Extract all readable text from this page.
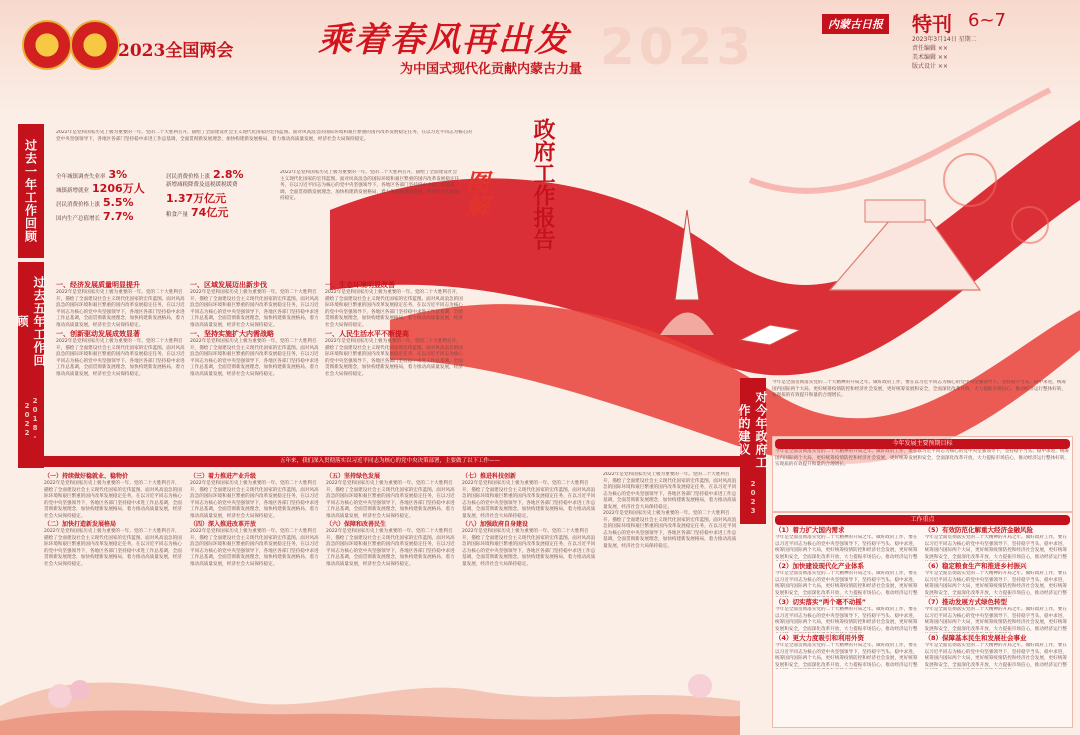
★	✿ 2023全国两会	2023
乘着春风再出发
为中国式现代化贡献内蒙古力量
内蒙古日报	特刊 6~7
2023年3月14日 星期二
责任编辑 ××
美术编辑 ××
版式设计 ××
政府工作报告
图解
过去一年工作回顾
过去五年工作回顾
2018-2022
2022年是党和国家历史上极为重要的一年。党的二十大胜利召开，描绘了全面建设社会主义现代化国家的宏伟蓝图。面对风高浪急的国际环境和艰巨繁重的国内改革发展稳定任务，在以习近平同志为核心的党中央坚强领导下，各地区各部门坚持稳中求进工作总基调，全面贯彻新发展理念，加快构建新发展格局，着力推动高质量发展，经济社会大局保持稳定。
全年城镇调查失业率 3%
城镇新增就业 1206万人
居民消费价格上涨 5.5%
国内生产总值增长 7.7%
居民消费价格上涨 2.8%
新增减税降费及退税缓税缓费
1.37万亿元
粮食产量 74亿元
2022年是党和国家历史上极为重要的一年。党的二十大胜利召开，描绘了全面建设社会主义现代化国家的宏伟蓝图。面对风高浪急的国际环境和艰巨繁重的国内改革发展稳定任务，在以习近平同志为核心的党中央坚强领导下，各地区各部门坚持稳中求进工作总基调，全面贯彻新发展理念，加快构建新发展格局，着力推动高质量发展，经济社会大局保持稳定。
一、经济发展质量明显提升
2022年是党和国家历史上极为重要的一年。党的二十大胜利召开，描绘了全面建设社会主义现代化国家的宏伟蓝图。面对风高浪急的国际环境和艰巨繁重的国内改革发展稳定任务，在以习近平同志为核心的党中央坚强领导下，各地区各部门坚持稳中求进工作总基调，全面贯彻新发展理念，加快构建新发展格局，着力推动高质量发展，经济社会大局保持稳定。
一、创新驱动发展成效显著
2022年是党和国家历史上极为重要的一年。党的二十大胜利召开，描绘了全面建设社会主义现代化国家的宏伟蓝图。面对风高浪急的国际环境和艰巨繁重的国内改革发展稳定任务，在以习近平同志为核心的党中央坚强领导下，各地区各部门坚持稳中求进工作总基调，全面贯彻新发展理念，加快构建新发展格局，着力推动高质量发展，经济社会大局保持稳定。
一、区域发展迈出新步伐
2022年是党和国家历史上极为重要的一年。党的二十大胜利召开，描绘了全面建设社会主义现代化国家的宏伟蓝图。面对风高浪急的国际环境和艰巨繁重的国内改革发展稳定任务，在以习近平同志为核心的党中央坚强领导下，各地区各部门坚持稳中求进工作总基调，全面贯彻新发展理念，加快构建新发展格局，着力推动高质量发展，经济社会大局保持稳定。
一、坚持实施扩大内需战略
2022年是党和国家历史上极为重要的一年。党的二十大胜利召开，描绘了全面建设社会主义现代化国家的宏伟蓝图。面对风高浪急的国际环境和艰巨繁重的国内改革发展稳定任务，在以习近平同志为核心的党中央坚强领导下，各地区各部门坚持稳中求进工作总基调，全面贯彻新发展理念，加快构建新发展格局，着力推动高质量发展，经济社会大局保持稳定。
一、生态环境明显改善
2022年是党和国家历史上极为重要的一年。党的二十大胜利召开，描绘了全面建设社会主义现代化国家的宏伟蓝图。面对风高浪急的国际环境和艰巨繁重的国内改革发展稳定任务，在以习近平同志为核心的党中央坚强领导下，各地区各部门坚持稳中求进工作总基调，全面贯彻新发展理念，加快构建新发展格局，着力推动高质量发展，经济社会大局保持稳定。
一、人民生活水平不断提高
2022年是党和国家历史上极为重要的一年。党的二十大胜利召开，描绘了全面建设社会主义现代化国家的宏伟蓝图。面对风高浪急的国际环境和艰巨繁重的国内改革发展稳定任务，在以习近平同志为核心的党中央坚强领导下，各地区各部门坚持稳中求进工作总基调，全面贯彻新发展理念，加快构建新发展格局，着力推动高质量发展，经济社会大局保持稳定。
五年来，我们深入贯彻落实以习近平同志为核心的党中央决策部署，主要做了以下工作——
（一）持续做好稳就业、稳物价
2022年是党和国家历史上极为重要的一年。党的二十大胜利召开，描绘了全面建设社会主义现代化国家的宏伟蓝图。面对风高浪急的国际环境和艰巨繁重的国内改革发展稳定任务，在以习近平同志为核心的党中央坚强领导下，各地区各部门坚持稳中求进工作总基调，全面贯彻新发展理念，加快构建新发展格局，着力推动高质量发展，经济社会大局保持稳定。
（二）加快打造新发展格局
2022年是党和国家历史上极为重要的一年。党的二十大胜利召开，描绘了全面建设社会主义现代化国家的宏伟蓝图。面对风高浪急的国际环境和艰巨繁重的国内改革发展稳定任务，在以习近平同志为核心的党中央坚强领导下，各地区各部门坚持稳中求进工作总基调，全面贯彻新发展理念，加快构建新发展格局，着力推动高质量发展，经济社会大局保持稳定。
（三）着力推进产业升级
2022年是党和国家历史上极为重要的一年。党的二十大胜利召开，描绘了全面建设社会主义现代化国家的宏伟蓝图。面对风高浪急的国际环境和艰巨繁重的国内改革发展稳定任务，在以习近平同志为核心的党中央坚强领导下，各地区各部门坚持稳中求进工作总基调，全面贯彻新发展理念，加快构建新发展格局，着力推动高质量发展，经济社会大局保持稳定。
（四）深入推进改革开放
2022年是党和国家历史上极为重要的一年。党的二十大胜利召开，描绘了全面建设社会主义现代化国家的宏伟蓝图。面对风高浪急的国际环境和艰巨繁重的国内改革发展稳定任务，在以习近平同志为核心的党中央坚强领导下，各地区各部门坚持稳中求进工作总基调，全面贯彻新发展理念，加快构建新发展格局，着力推动高质量发展，经济社会大局保持稳定。
（五）坚持绿色发展
2022年是党和国家历史上极为重要的一年。党的二十大胜利召开，描绘了全面建设社会主义现代化国家的宏伟蓝图。面对风高浪急的国际环境和艰巨繁重的国内改革发展稳定任务，在以习近平同志为核心的党中央坚强领导下，各地区各部门坚持稳中求进工作总基调，全面贯彻新发展理念，加快构建新发展格局，着力推动高质量发展，经济社会大局保持稳定。
（六）保障和改善民生
2022年是党和国家历史上极为重要的一年。党的二十大胜利召开，描绘了全面建设社会主义现代化国家的宏伟蓝图。面对风高浪急的国际环境和艰巨繁重的国内改革发展稳定任务，在以习近平同志为核心的党中央坚强领导下，各地区各部门坚持稳中求进工作总基调，全面贯彻新发展理念，加快构建新发展格局，着力推动高质量发展，经济社会大局保持稳定。
（七）推进科技创新
2022年是党和国家历史上极为重要的一年。党的二十大胜利召开，描绘了全面建设社会主义现代化国家的宏伟蓝图。面对风高浪急的国际环境和艰巨繁重的国内改革发展稳定任务，在以习近平同志为核心的党中央坚强领导下，各地区各部门坚持稳中求进工作总基调，全面贯彻新发展理念，加快构建新发展格局，着力推动高质量发展，经济社会大局保持稳定。
（八）加强政府自身建设
2022年是党和国家历史上极为重要的一年。党的二十大胜利召开，描绘了全面建设社会主义现代化国家的宏伟蓝图。面对风高浪急的国际环境和艰巨繁重的国内改革发展稳定任务，在以习近平同志为核心的党中央坚强领导下，各地区各部门坚持稳中求进工作总基调，全面贯彻新发展理念，加快构建新发展格局，着力推动高质量发展，经济社会大局保持稳定。
2022年是党和国家历史上极为重要的一年。党的二十大胜利召开，描绘了全面建设社会主义现代化国家的宏伟蓝图。面对风高浪急的国际环境和艰巨繁重的国内改革发展稳定任务，在以习近平同志为核心的党中央坚强领导下，各地区各部门坚持稳中求进工作总基调，全面贯彻新发展理念，加快构建新发展格局，着力推动高质量发展，经济社会大局保持稳定。
2022年是党和国家历史上极为重要的一年。党的二十大胜利召开，描绘了全面建设社会主义现代化国家的宏伟蓝图。面对风高浪急的国际环境和艰巨繁重的国内改革发展稳定任务，在以习近平同志为核心的党中央坚强领导下，各地区各部门坚持稳中求进工作总基调，全面贯彻新发展理念，加快构建新发展格局，着力推动高质量发展，经济社会大局保持稳定。
对今年政府工作的建议
2023
今年是全面贯彻落实党的二十大精神的开局之年。做好政府工作，要在以习近平同志为核心的党中央坚强领导下，坚持稳字当头、稳中求进，统筹国内国际两个大局，更好统筹疫情防控和经济社会发展，更好统筹发展和安全，全面深化改革开放，大力提振市场信心，推动经济运行整体好转，实现质的有效提升和量的合理增长。
今年发展主要预期目标
今年是全面贯彻落实党的二十大精神的开局之年。做好政府工作，要在以习近平同志为核心的党中央坚强领导下，坚持稳字当头、稳中求进，统筹国内国际两个大局，更好统筹疫情防控和经济社会发展，更好统筹发展和安全，全面深化改革开放，大力提振市场信心，推动经济运行整体好转，实现质的有效提升和量的合理增长。
工作重点
（1）着力扩大国内需求
今年是全面贯彻落实党的二十大精神的开局之年。做好政府工作，要在以习近平同志为核心的党中央坚强领导下，坚持稳字当头、稳中求进，统筹国内国际两个大局，更好统筹疫情防控和经济社会发展，更好统筹发展和安全，全面深化改革开放，大力提振市场信心，推动经济运行整
（2）加快建设现代化产业体系
今年是全面贯彻落实党的二十大精神的开局之年。做好政府工作，要在以习近平同志为核心的党中央坚强领导下，坚持稳字当头、稳中求进，统筹国内国际两个大局，更好统筹疫情防控和经济社会发展，更好统筹发展和安全，全面深化改革开放，大力提振市场信心，推动经济运行整
（3）切实落实“两个毫不动摇”
今年是全面贯彻落实党的二十大精神的开局之年。做好政府工作，要在以习近平同志为核心的党中央坚强领导下，坚持稳字当头、稳中求进，统筹国内国际两个大局，更好统筹疫情防控和经济社会发展，更好统筹发展和安全，全面深化改革开放，大力提振市场信心，推动经济运行整
（4）更大力度吸引和利用外资
今年是全面贯彻落实党的二十大精神的开局之年。做好政府工作，要在以习近平同志为核心的党中央坚强领导下，坚持稳字当头、稳中求进，统筹国内国际两个大局，更好统筹疫情防控和经济社会发展，更好统筹发展和安全，全面深化改革开放，大力提振市场信心，推动经济运行整
（5）有效防范化解重大经济金融风险
今年是全面贯彻落实党的二十大精神的开局之年。做好政府工作，要在以习近平同志为核心的党中央坚强领导下，坚持稳字当头、稳中求进，统筹国内国际两个大局，更好统筹疫情防控和经济社会发展，更好统筹发展和安全，全面深化改革开放，大力提振市场信心，推动经济运行整
（6）稳定粮食生产和推进乡村振兴
今年是全面贯彻落实党的二十大精神的开局之年。做好政府工作，要在以习近平同志为核心的党中央坚强领导下，坚持稳字当头、稳中求进，统筹国内国际两个大局，更好统筹疫情防控和经济社会发展，更好统筹发展和安全，全面深化改革开放，大力提振市场信心，推动经济运行整
（7）推动发展方式绿色转型
今年是全面贯彻落实党的二十大精神的开局之年。做好政府工作，要在以习近平同志为核心的党中央坚强领导下，坚持稳字当头、稳中求进，统筹国内国际两个大局，更好统筹疫情防控和经济社会发展，更好统筹发展和安全，全面深化改革开放，大力提振市场信心，推动经济运行整
（8）保障基本民生和发展社会事业
今年是全面贯彻落实党的二十大精神的开局之年。做好政府工作，要在以习近平同志为核心的党中央坚强领导下，坚持稳字当头、稳中求进，统筹国内国际两个大局，更好统筹疫情防控和经济社会发展，更好统筹发展和安全，全面深化改革开放，大力提振市场信心，推动经济运行整
